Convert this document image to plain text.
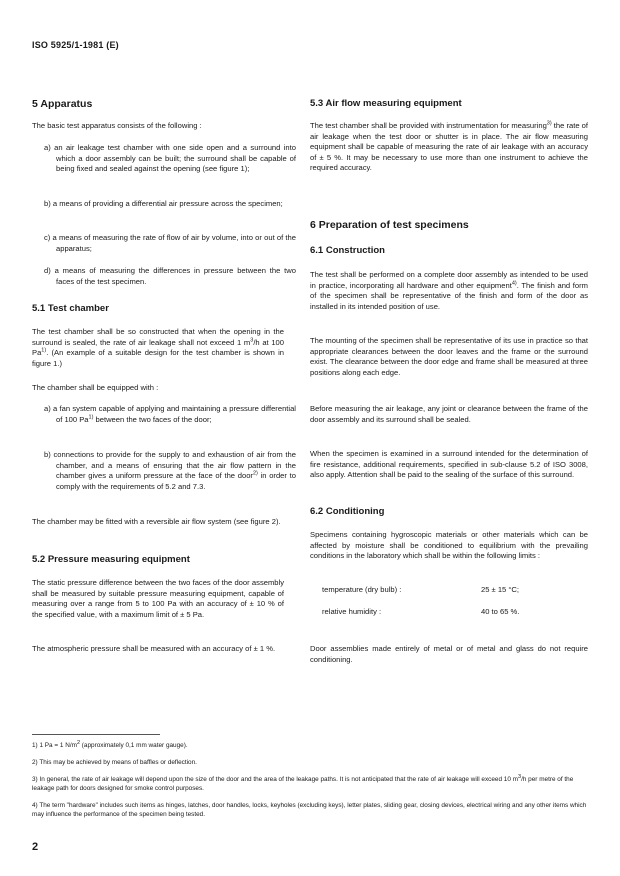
ISO 5925/1-1981 (E)
5 Apparatus

The basic test apparatus consists of the following :

a) an air leakage test chamber with one side open and a surround into which a door assembly can be built; the surround shall be capable of being fixed and sealed against the opening (see figure 1);

b) a means of providing a differential air pressure across the specimen;

c) a means of measuring the rate of flow of air by volume, into or out of the apparatus;

d) a means of measuring the differences in pressure between the two faces of the test specimen.

5.1 Test chamber

The test chamber shall be so constructed that when the opening in the surround is sealed, the rate of air leakage shall not exceed 1 $m^3/h$ at 100 Pa$^{1)}$. (An example of a suitable design for the test chamber is shown in figure 1.)

The chamber shall be equipped with :

a) a fan system capable of applying and maintaining a pressure differential of 100 Pa$^{1)}$ between the two faces of the door;

b) connections to provide for the supply to and exhaustion of air from the chamber, and a means of ensuring that the air flow pattern in the chamber gives a uniform pressure at the face of the door$^{2)}$ in order to comply with the requirements of 5.2 and 7.3.

The chamber may be fitted with a reversible air flow system (see figure 2).

5.2 Pressure measuring equipment

The static pressure difference between the two faces of the door assembly shall be measured by suitable pressure measuring equipment, capable of measuring over a range from 5 to 100 Pa with an accuracy of ± 10 % of the specified value, with a maximum limit of ± 5 Pa.

The atmospheric pressure shall be measured with an accuracy of ± 1 %.

5.3 Air flow measuring equipment

The test chamber shall be provided with instrumentation for measuring$^{3)}$ the rate of air leakage when the test door or shutter is in place. The air flow measuring equipment shall be capable of measuring the rate of air leakage with an accuracy of ± 5 %. It may be necessary to use more than one instrument to achieve the required accuracy.

6 Preparation of test specimens
6.1 Construction

The test shall be performed on a complete door assembly as intended to be used in practice, incorporating all hardware and other equipment$^{4)}$. The finish and form of the specimen shall be representative of the finish and form of the door as installed in its intended position of use.

The mounting of the specimen shall be representative of its use in practice so that appropriate clearances between the door leaves and the frame or the surround exist. The clearance between the door edge and frame shall be measured at three positions along each edge.

Before measuring the air leakage, any joint or clearance between the frame of the door assembly and its surround shall be sealed.

When the specimen is examined in a surround intended for the determination of fire resistance, additional requirements, specified in sub-clause 5.2 of ISO 3008, also apply. Attention shall be paid to the sealing of the surface of this surround.

6.2 Conditioning

Specimens containing hygroscopic materials or other materials which can be affected by moisture shall be conditioned to equilibrium with the prevailing conditions in the laboratory which shall be within the following limits :

temperature (dry bulb) :	25 ± 15 °C;
relative humidity :	40 to 65 %.

Door assemblies made entirely of metal or of metal and glass do not require conditioning.

1) 1 Pa = 1 $N/m^2$ (approximately 0,1 mm water gauge).

2) This may be achieved by means of baffles or deflection.

3) In general, the rate of air leakage will depend upon the size of the door and the area of the leakage paths. It is not anticipated that the rate of air leakage will exceed 10 $m^3/h$ per metre of the leakage path for doors designed for smoke control purposes.

4) The term "hardware" includes such items as hinges, latches, door handles, locks, keyholes (excluding keys), letter plates, sliding gear, closing devices, electrical wiring and any other items which may influence the performance of the specimen being tested.

2
